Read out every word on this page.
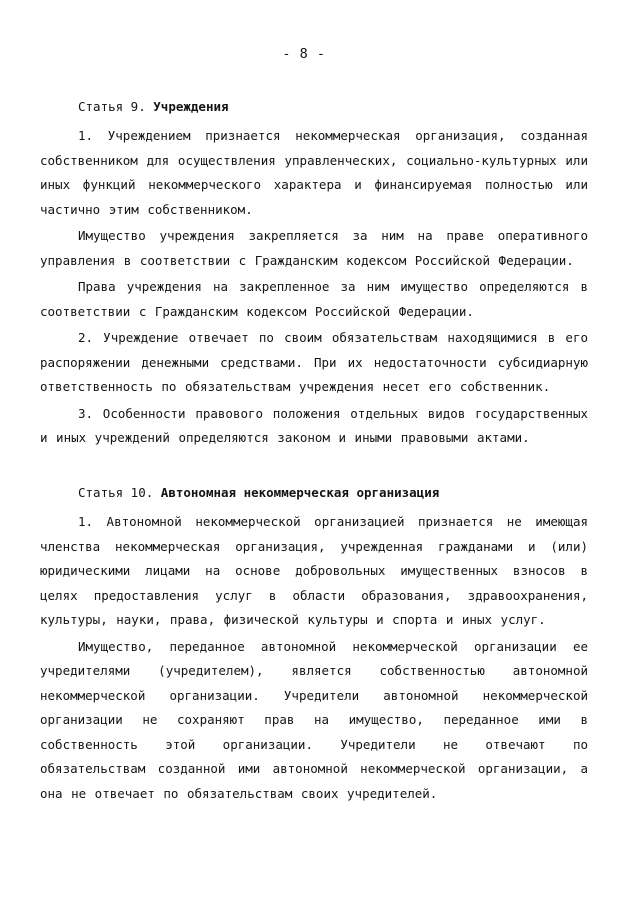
- 8 -
Статья 9. Учреждения

1. Учреждением признается некоммерческая организация, созданная собственником для осуществления управленческих, социально-культурных или иных функций некоммерческого характера и финансируемая полностью или частично этим собственником.

Имущество учреждения закрепляется за ним на праве оперативного управления в соответствии с Гражданским кодексом Российской Федерации.

Права учреждения на закрепленное за ним имущество определяются в соответствии с Гражданским кодексом Российской Федерации.

2. Учреждение отвечает по своим обязательствам находящимися в его распоряжении денежными средствами. При их недостаточности субсидиарную ответственность по обязательствам учреждения несет его собственник.

3. Особенности правового положения отдельных видов государственных и иных учреждений определяются законом и иными правовыми актами.

Статья 10. Автономная некоммерческая организация

1. Автономной некоммерческой организацией признается не имеющая членства некоммерческая организация, учрежденная гражданами и (или) юридическими лицами на основе добровольных имущественных взносов в целях предоставления услуг в области образования, здравоохранения, культуры, науки, права, физической культуры и спорта и иных услуг.

Имущество, переданное автономной некоммерческой организации ее учредителями (учредителем), является собственностью автономной некоммерческой организации. Учредители автономной некоммерческой организации не сохраняют прав на имущество, переданное ими в собственность этой организации. Учредители не отвечают по обязательствам созданной ими автономной некоммерческой организации, а она не отвечает по обязательствам своих учредителей.
